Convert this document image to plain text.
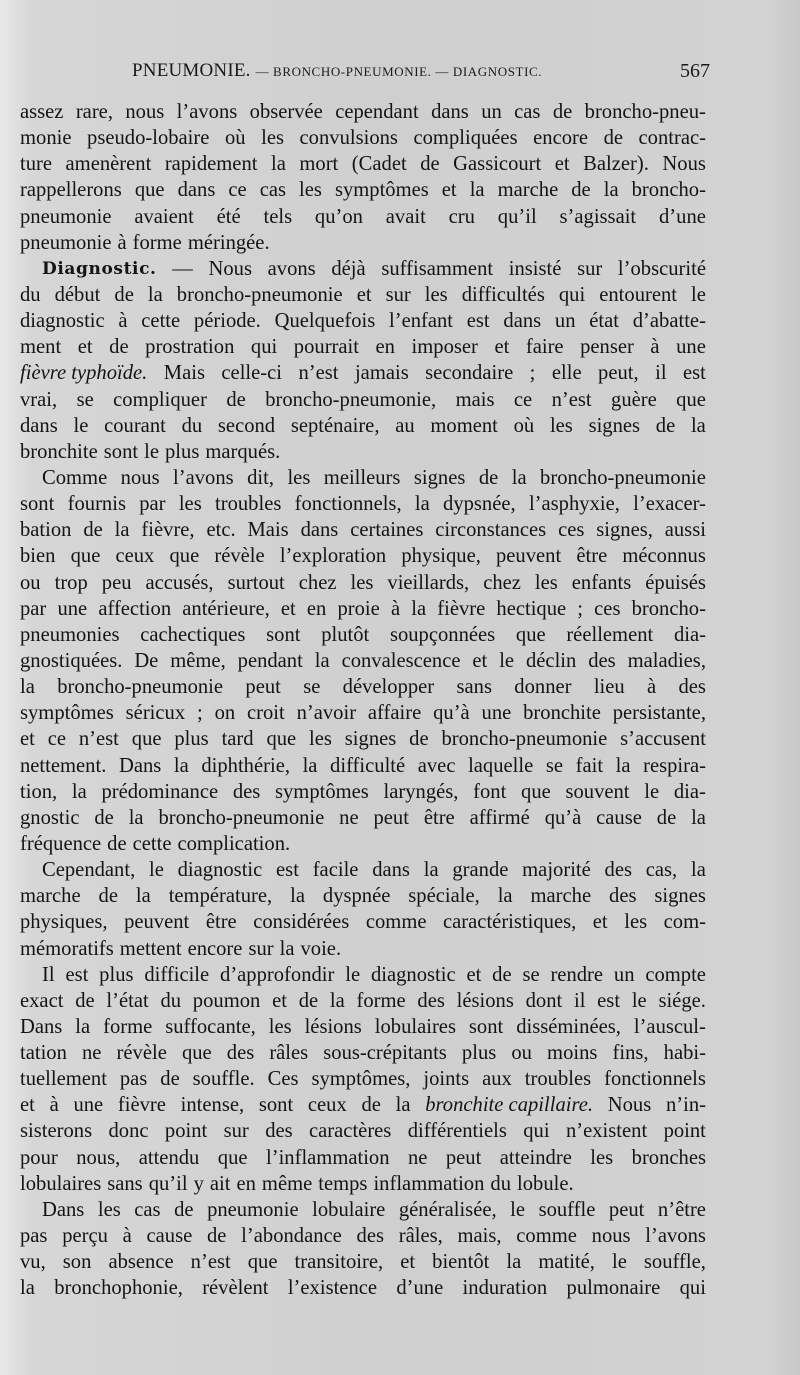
PNEUMONIE. — BRONCHO-PNEUMONIE. — DIAGNOSTIC.	567
assez rare, nous l’avons observée cependant dans un cas de broncho-pneu-
monie pseudo-lobaire où les convulsions compliquées encore de contrac-
ture amenèrent rapidement la mort (Cadet de Gassicourt et Balzer). Nous
rappellerons que dans ce cas les symptômes et la marche de la broncho-
pneumonie avaient été tels qu’on avait cru qu’il s’agissait d’une
pneumonie à forme méringée.
Diagnostic. — Nous avons déjà suffisamment insisté sur l’obscurité
du début de la broncho-pneumonie et sur les difficultés qui entourent le
diagnostic à cette période. Quelquefois l’enfant est dans un état d’abatte-
ment et de prostration qui pourrait en imposer et faire penser à une
fièvre typhoïde. Mais celle-ci n’est jamais secondaire ; elle peut, il est
vrai, se compliquer de broncho-pneumonie, mais ce n’est guère que
dans le courant du second septénaire, au moment où les signes de la
bronchite sont le plus marqués.
Comme nous l’avons dit, les meilleurs signes de la broncho-pneumonie
sont fournis par les troubles fonctionnels, la dypsnée, l’asphyxie, l’exacer-
bation de la fièvre, etc. Mais dans certaines circonstances ces signes, aussi
bien que ceux que révèle l’exploration physique, peuvent être méconnus
ou trop peu accusés, surtout chez les vieillards, chez les enfants épuisés
par une affection antérieure, et en proie à la fièvre hectique ; ces broncho-
pneumonies cachectiques sont plutôt soupçonnées que réellement dia-
gnostiquées. De même, pendant la convalescence et le déclin des maladies,
la broncho-pneumonie peut se développer sans donner lieu à des
symptômes séricux ; on croit n’avoir affaire qu’à une bronchite persistante,
et ce n’est que plus tard que les signes de broncho-pneumonie s’accusent
nettement. Dans la diphthérie, la difficulté avec laquelle se fait la respira-
tion, la prédominance des symptômes laryngés, font que souvent le dia-
gnostic de la broncho-pneumonie ne peut être affirmé qu’à cause de la
fréquence de cette complication.
Cependant, le diagnostic est facile dans la grande majorité des cas, la
marche de la température, la dyspnée spéciale, la marche des signes
physiques, peuvent être considérées comme caractéristiques, et les com-
mémoratifs mettent encore sur la voie.
Il est plus difficile d’approfondir le diagnostic et de se rendre un compte
exact de l’état du poumon et de la forme des lésions dont il est le siége.
Dans la forme suffocante, les lésions lobulaires sont disséminées, l’auscul-
tation ne révèle que des râles sous-crépitants plus ou moins fins, habi-
tuellement pas de souffle. Ces symptômes, joints aux troubles fonctionnels
et à une fièvre intense, sont ceux de la bronchite capillaire. Nous n’in-
sisterons donc point sur des caractères différentiels qui n’existent point
pour nous, attendu que l’inflammation ne peut atteindre les bronches
lobulaires sans qu’il y ait en même temps inflammation du lobule.
Dans les cas de pneumonie lobulaire généralisée, le souffle peut n’être
pas perçu à cause de l’abondance des râles, mais, comme nous l’avons
vu, son absence n’est que transitoire, et bientôt la matité, le souffle,
la bronchophonie, révèlent l’existence d’une induration pulmonaire qui
